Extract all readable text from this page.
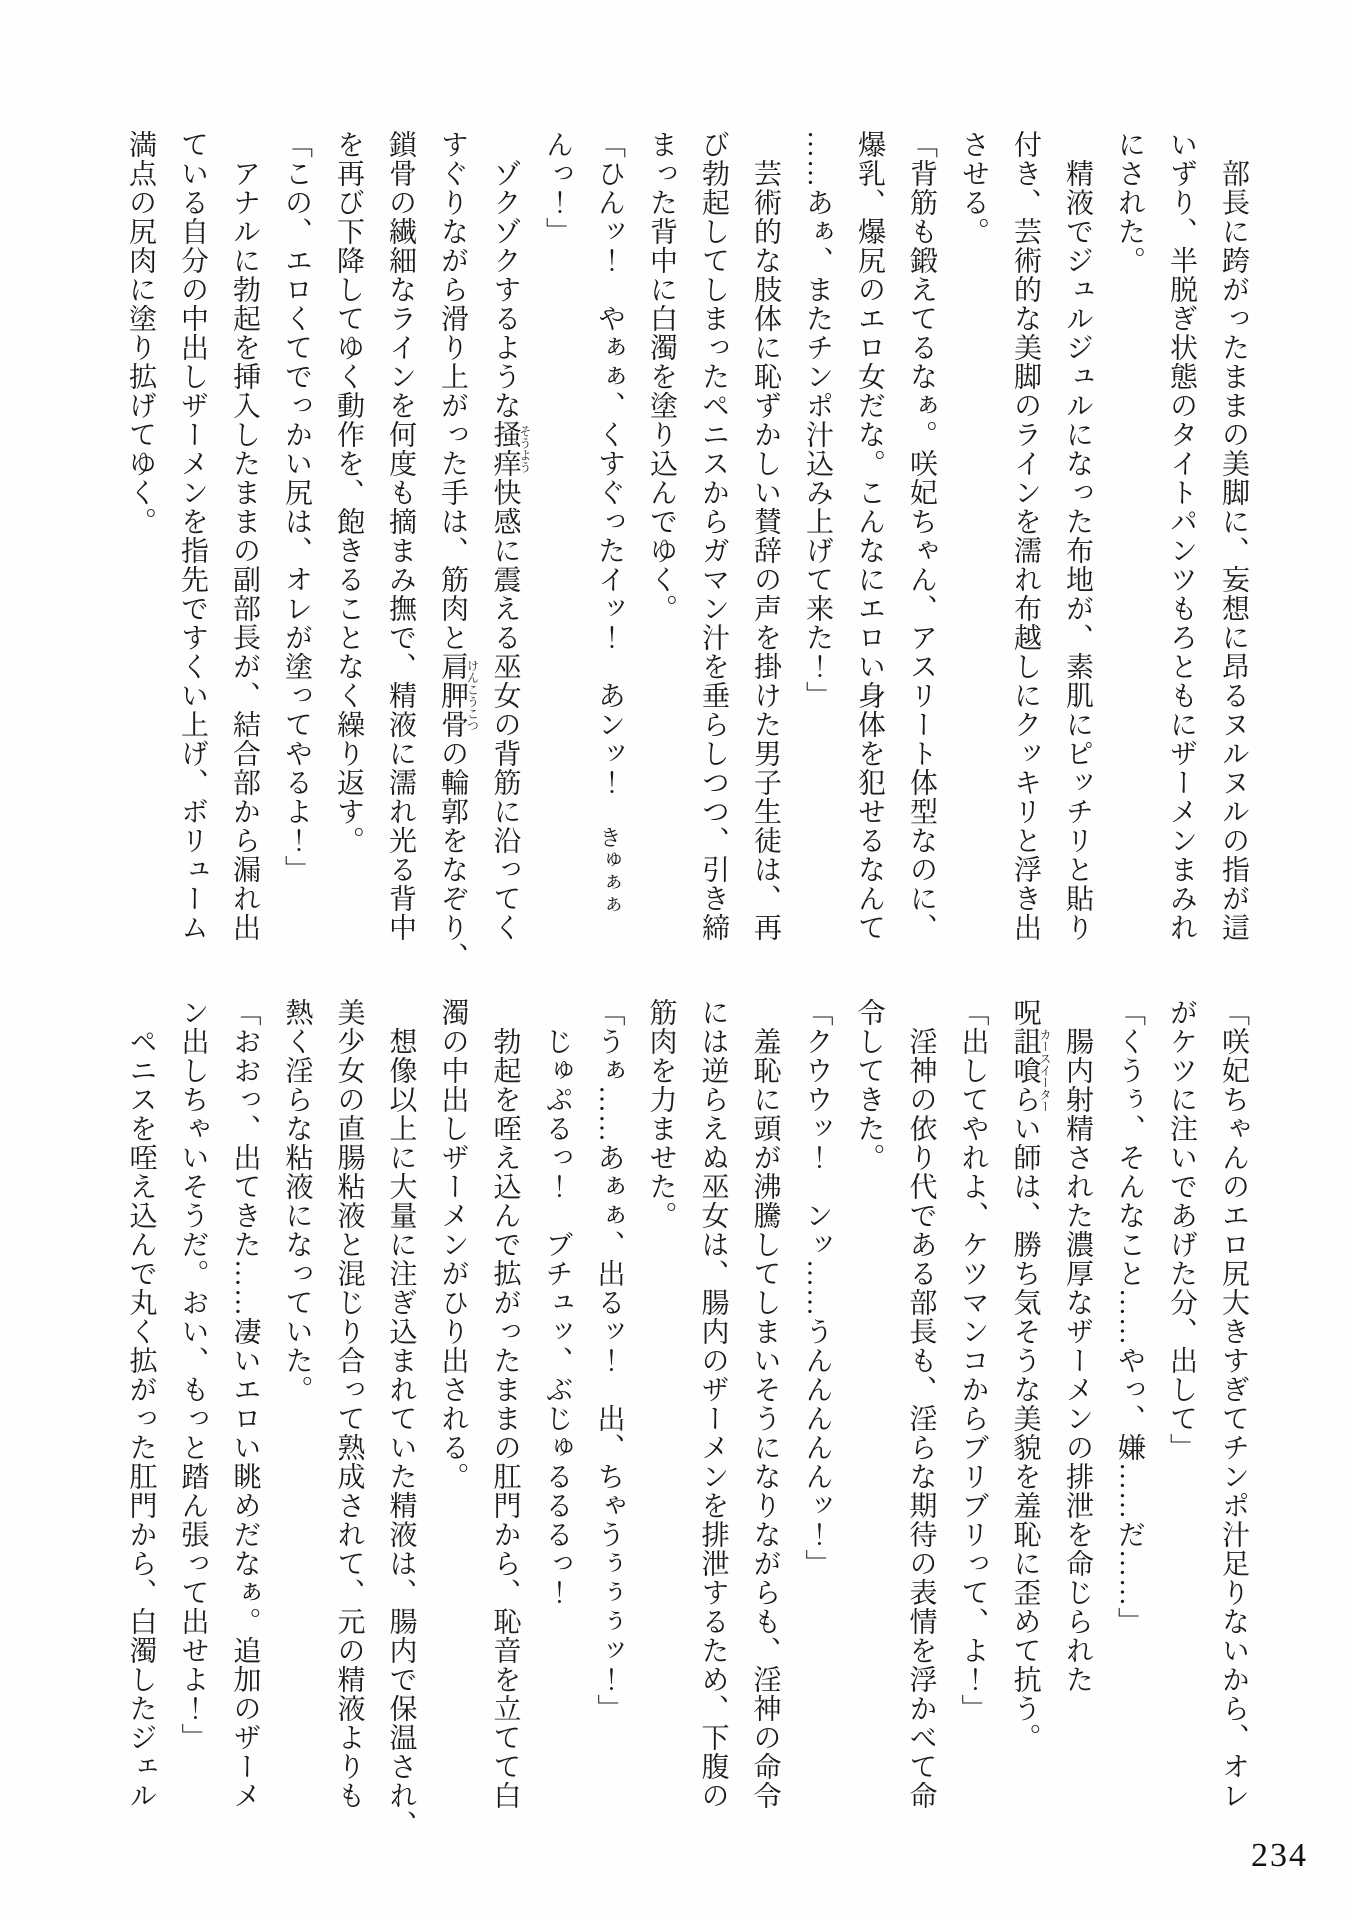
部長に跨がったままの美脚に、妄想に昂るヌルヌルの指が這
いずり、半脱ぎ状態のタイトパンツもろともにザーメンまみれ
にされた。
精液でジュルジュルになった布地が、素肌にピッチリと貼り
付き、芸術的な美脚のラインを濡れ布越しにクッキリと浮き出
させる。
「背筋も鍛えてるなぁ。咲妃ちゃん、アスリート体型なのに、
爆乳、爆尻のエロ女だな。こんなにエロい身体を犯せるなんて
……あぁ、またチンポ汁込み上げて来た！」
芸術的な肢体に恥ずかしい賛辞の声を掛けた男子生徒は、再
び勃起してしまったペニスからガマン汁を垂らしつつ、引き締
まった背中に白濁を塗り込んでゆく。
「ひんッ！　やぁぁ、くすぐったイッ！　あンッ！　きゅぁぁ
んっ！」
ゾクゾクするような掻痒そうよう快感に震える巫女の背筋に沿ってく
すぐりながら滑り上がった手は、筋肉と肩胛骨けんこうこつの輪郭をなぞり、
鎖骨の繊細なラインを何度も摘まみ撫で、精液に濡れ光る背中
を再び下降してゆく動作を、飽きることなく繰り返す。
「この、エロくてでっかい尻は、オレが塗ってやるよ！」
アナルに勃起を挿入したままの副部長が、結合部から漏れ出
ている自分の中出しザーメンを指先ですくい上げ、ボリューム
満点の尻肉に塗り拡げてゆく。
「咲妃ちゃんのエロ尻大きすぎてチンポ汁足りないから、オレ
がケツに注いであげた分、出して」
「くうぅ、そんなこと……やっ、嫌……だ……」
腸内射精された濃厚なザーメンの排泄を命じられた
呪詛喰らいカースイーター師は、勝ち気そうな美貌を羞恥に歪めて抗う。
「出してやれよ、ケツマンコからブリブリって、よ！」
淫神の依り代である部長も、淫らな期待の表情を浮かべて命
令してきた。
「クウウッ！　ンッ……うんんんんんッ！」
羞恥に頭が沸騰してしまいそうになりながらも、淫神の命令
には逆らえぬ巫女は、腸内のザーメンを排泄するため、下腹の
筋肉を力ませた。
「うぁ……あぁぁ、出るッ！　出、ちゃうぅぅぅッ！」
じゅぷるっ！　ブチュッ、ぶじゅるるるっ！
勃起を咥え込んで拡がったままの肛門から、恥音を立てて白
濁の中出しザーメンがひり出される。
想像以上に大量に注ぎ込まれていた精液は、腸内で保温され、
美少女の直腸粘液と混じり合って熟成されて、元の精液よりも
熱く淫らな粘液になっていた。
「おおっ、出てきた……凄いエロい眺めだなぁ。追加のザーメ
ン出しちゃいそうだ。おい、もっと踏ん張って出せよ！」
ペニスを咥え込んで丸く拡がった肛門から、白濁したジェル
234
